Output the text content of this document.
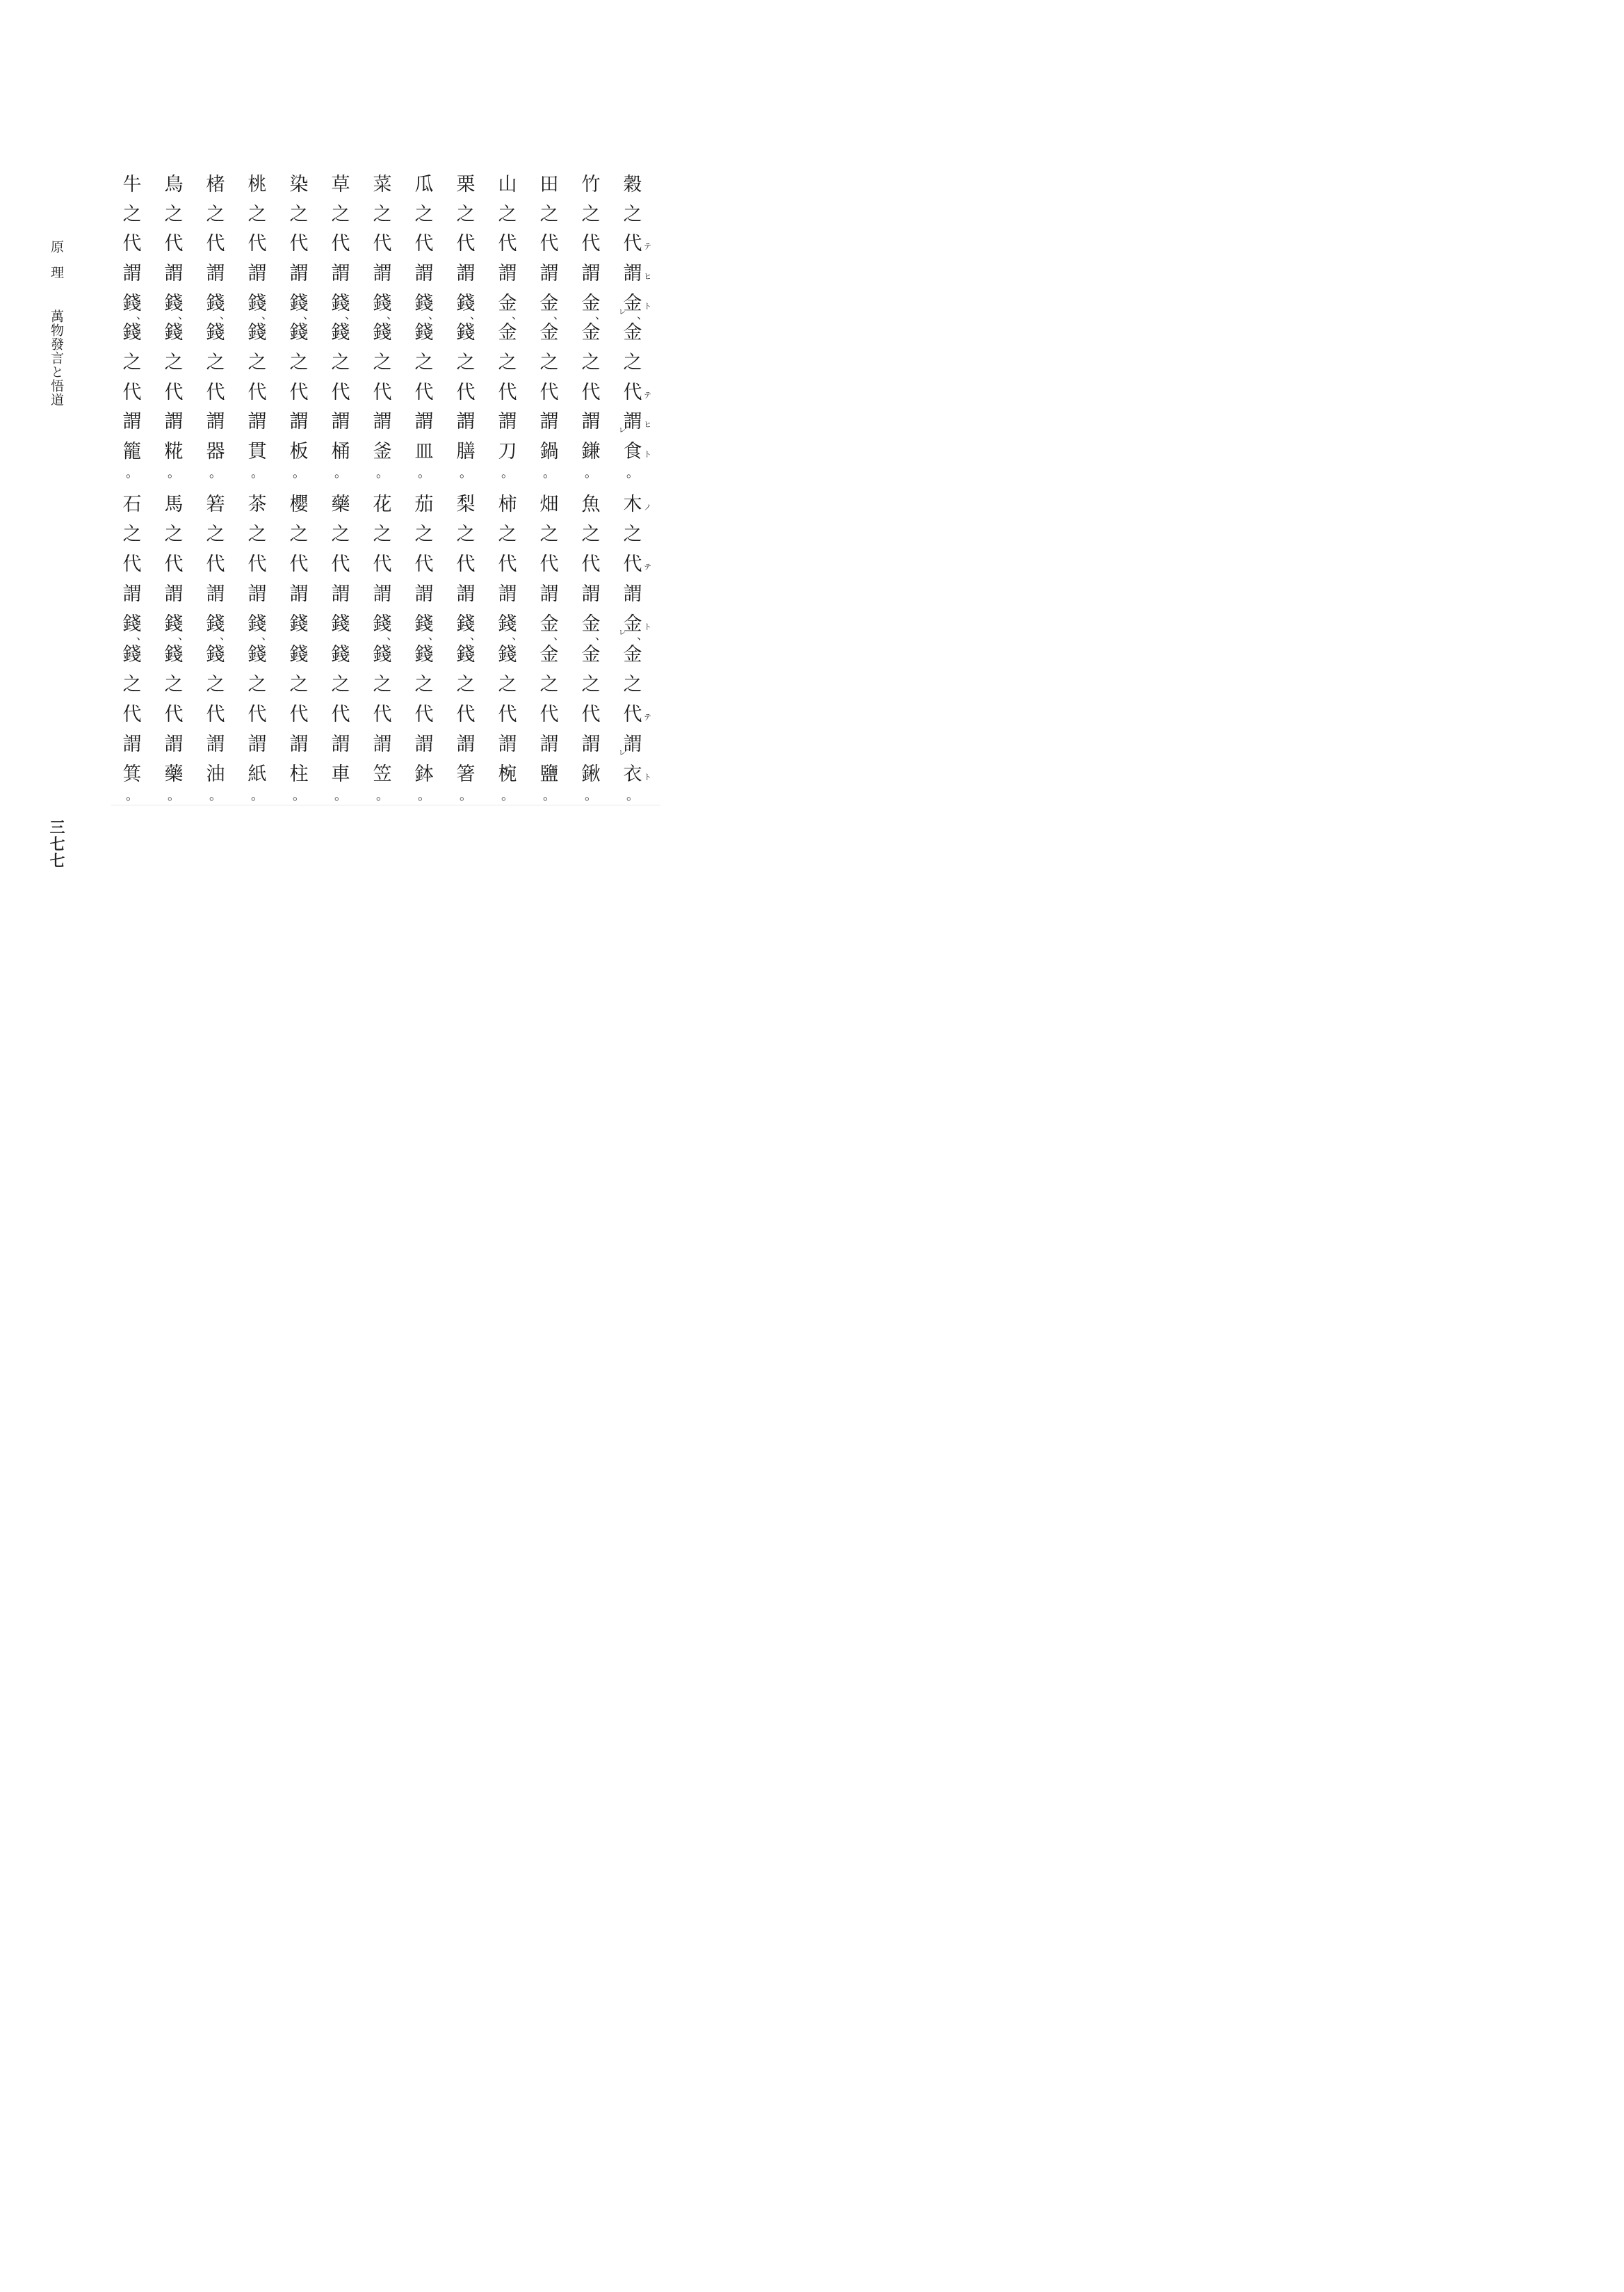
原理萬物發言と悟道
穀
之
代 テ
謂 ヒ
金 ト
レ 、
金
之
代 テ
謂 ヒ
レ
食 ト
。
竹
之
代
謂
金
、
金
之
代
謂
鎌
。
田
之
代
謂
金
、
金
之
代
謂
鍋
。
山
之
代
謂
金
、
金
之
代
謂
刀
。
栗
之
代
謂
錢
、
錢
之
代
謂
膳
。
瓜
之
代
謂
錢
、
錢
之
代
謂
皿
。
菜
之
代
謂
錢
、
錢
之
代
謂
釜
。
草
之
代
謂
錢
、
錢
之
代
謂
桶
。
染
之
代
謂
錢
、
錢
之
代
謂
板
。
桃
之
代
謂
錢
、
錢
之
代
謂
貫
。
楮
之
代
謂
錢
、
錢
之
代
謂
器
。
鳥
之
代
謂
錢
、
錢
之
代
謂
糀
。
牛
之
代
謂
錢
、
錢
之
代
謂
籠
。
木 ノ
之
代 テ
謂
金 ト
レ 、
金
之
代 テ
謂
レ
衣 ト
。
魚
之
代
謂
金
、
金
之
代
謂
鍬
。
畑
之
代
謂
金
、
金
之
代
謂
鹽
。
柿
之
代
謂
錢
、
錢
之
代
謂
椀
。
梨
之
代
謂
錢
、
錢
之
代
謂
箸
。
茄
之
代
謂
錢
、
錢
之
代
謂
鉢
。
花
之
代
謂
錢
、
錢
之
代
謂
笠
。
藥
之
代
謂
錢
錢
之
代
謂
車
。
櫻
之
代
謂
錢
錢
之
代
謂
柱
。
茶
之
代
謂
錢
、
錢
之
代
謂
紙
。
箬
之
代
謂
錢
、
錢
之
代
謂
油
。
馬
之
代
謂
錢
、
錢
之
代
謂
藥
。
石
之
代
謂
錢
、
錢
之
代
謂
箕
。
三七七
